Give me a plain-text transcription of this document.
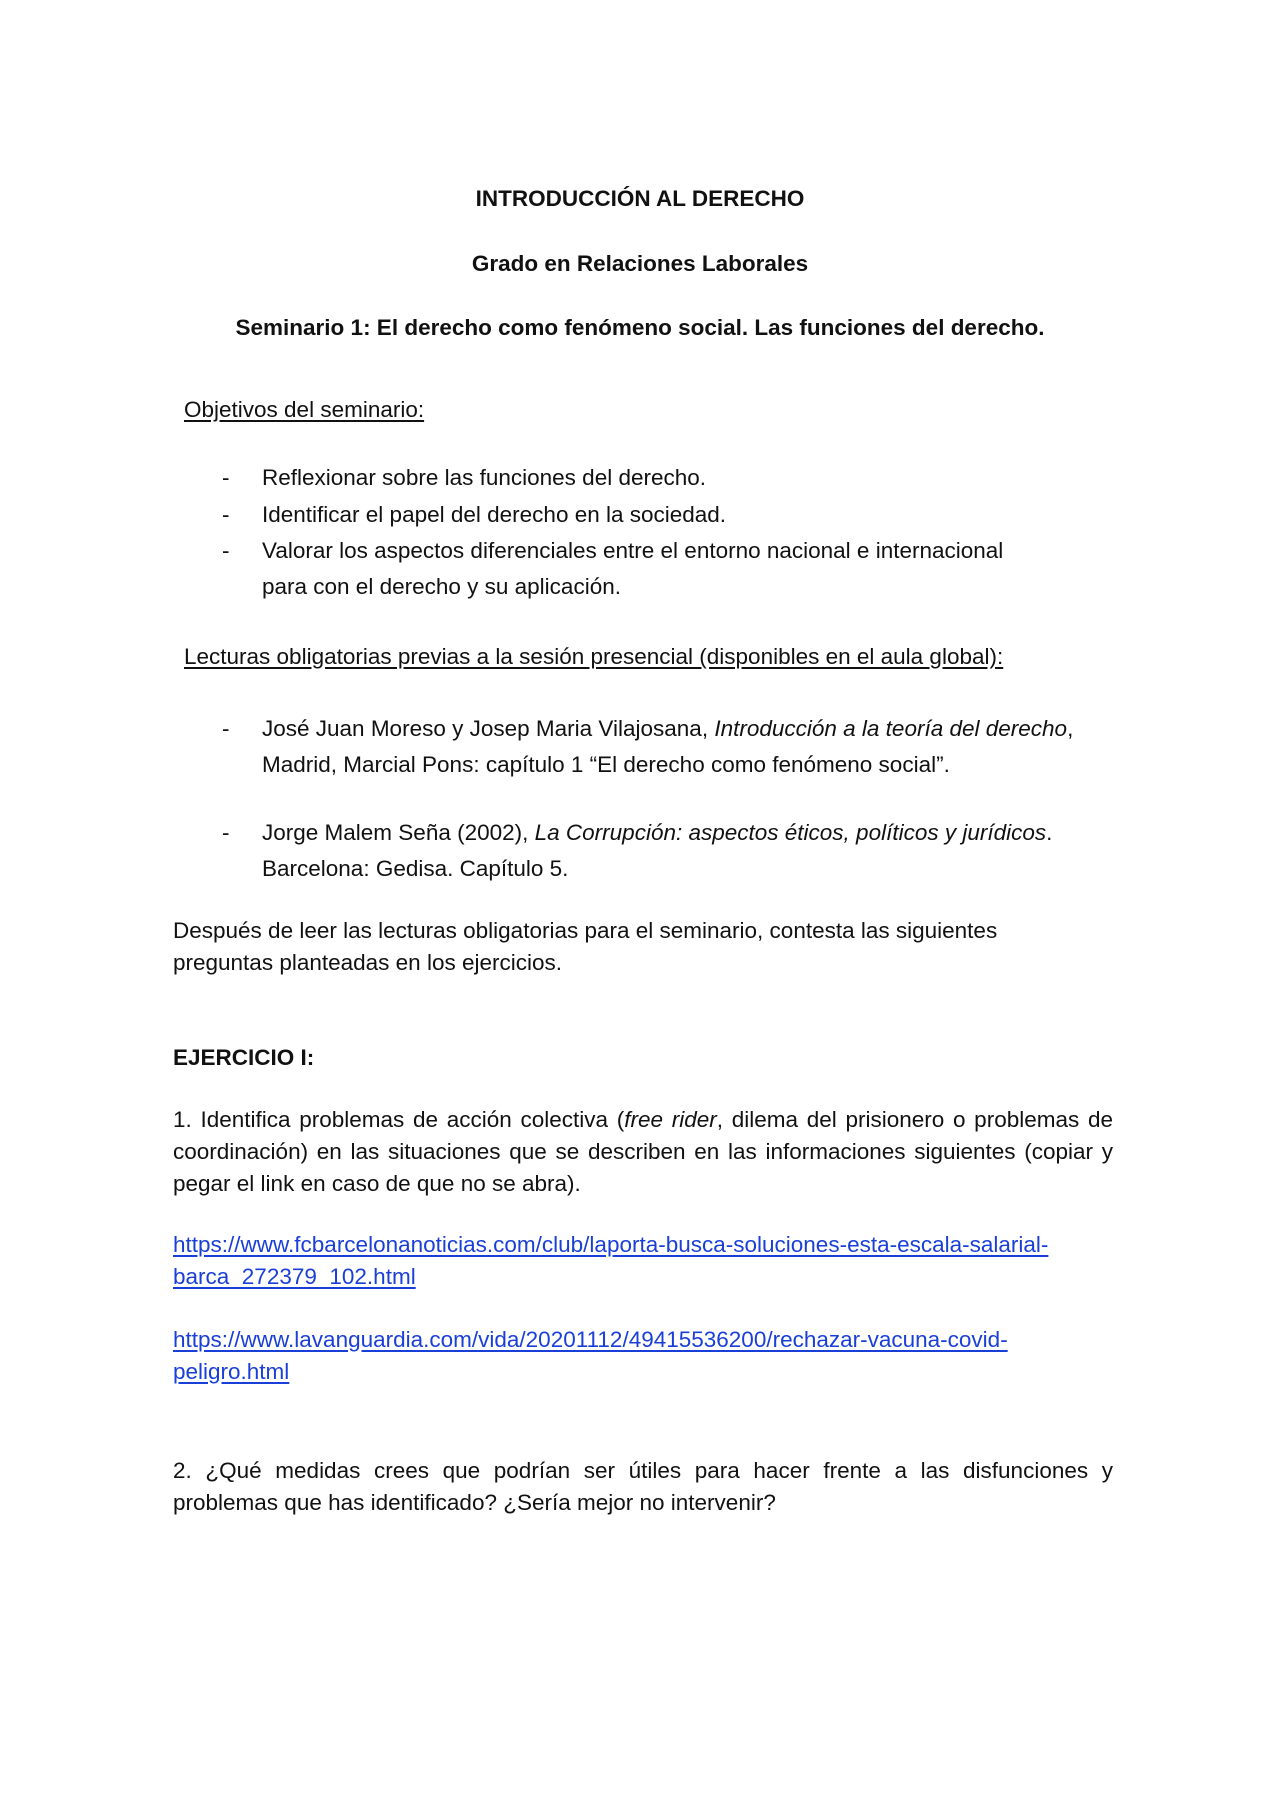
INTRODUCCIÓN AL DERECHO
Grado en Relaciones Laborales
Seminario 1: El derecho como fenómeno social. Las funciones del derecho.
Objetivos del seminario:
- Reflexionar sobre las funciones del derecho.
- Identificar el papel del derecho en la sociedad.
- Valorar los aspectos diferenciales entre el entorno nacional e internacional
para con el derecho y su aplicación.
Lecturas obligatorias previas a la sesión presencial (disponibles en el aula global):
- José Juan Moreso y Josep Maria Vilajosana, Introducción a la teoría del derecho,
Madrid, Marcial Pons: capítulo 1 “El derecho como fenómeno social”.
- Jorge Malem Seña (2002), La Corrupción: aspectos éticos, políticos y jurídicos.
Barcelona: Gedisa. Capítulo 5.
Después de leer las lecturas obligatorias para el seminario, contesta las siguientes
preguntas planteadas en los ejercicios.
EJERCICIO I:
1. Identifica problemas de acción colectiva (free rider, dilema del prisionero o problemas de coordinación) en las situaciones que se describen en las informaciones siguientes (copiar y pegar el link en caso de que no se abra).
https://www.fcbarcelonanoticias.com/club/laporta-busca-soluciones-esta-escala-salarial-
barca_272379_102.html
https://www.lavanguardia.com/vida/20201112/49415536200/rechazar-vacuna-covid-
peligro.html
2. ¿Qué medidas crees que podrían ser útiles para hacer frente a las disfunciones y problemas que has identificado? ¿Sería mejor no intervenir?
